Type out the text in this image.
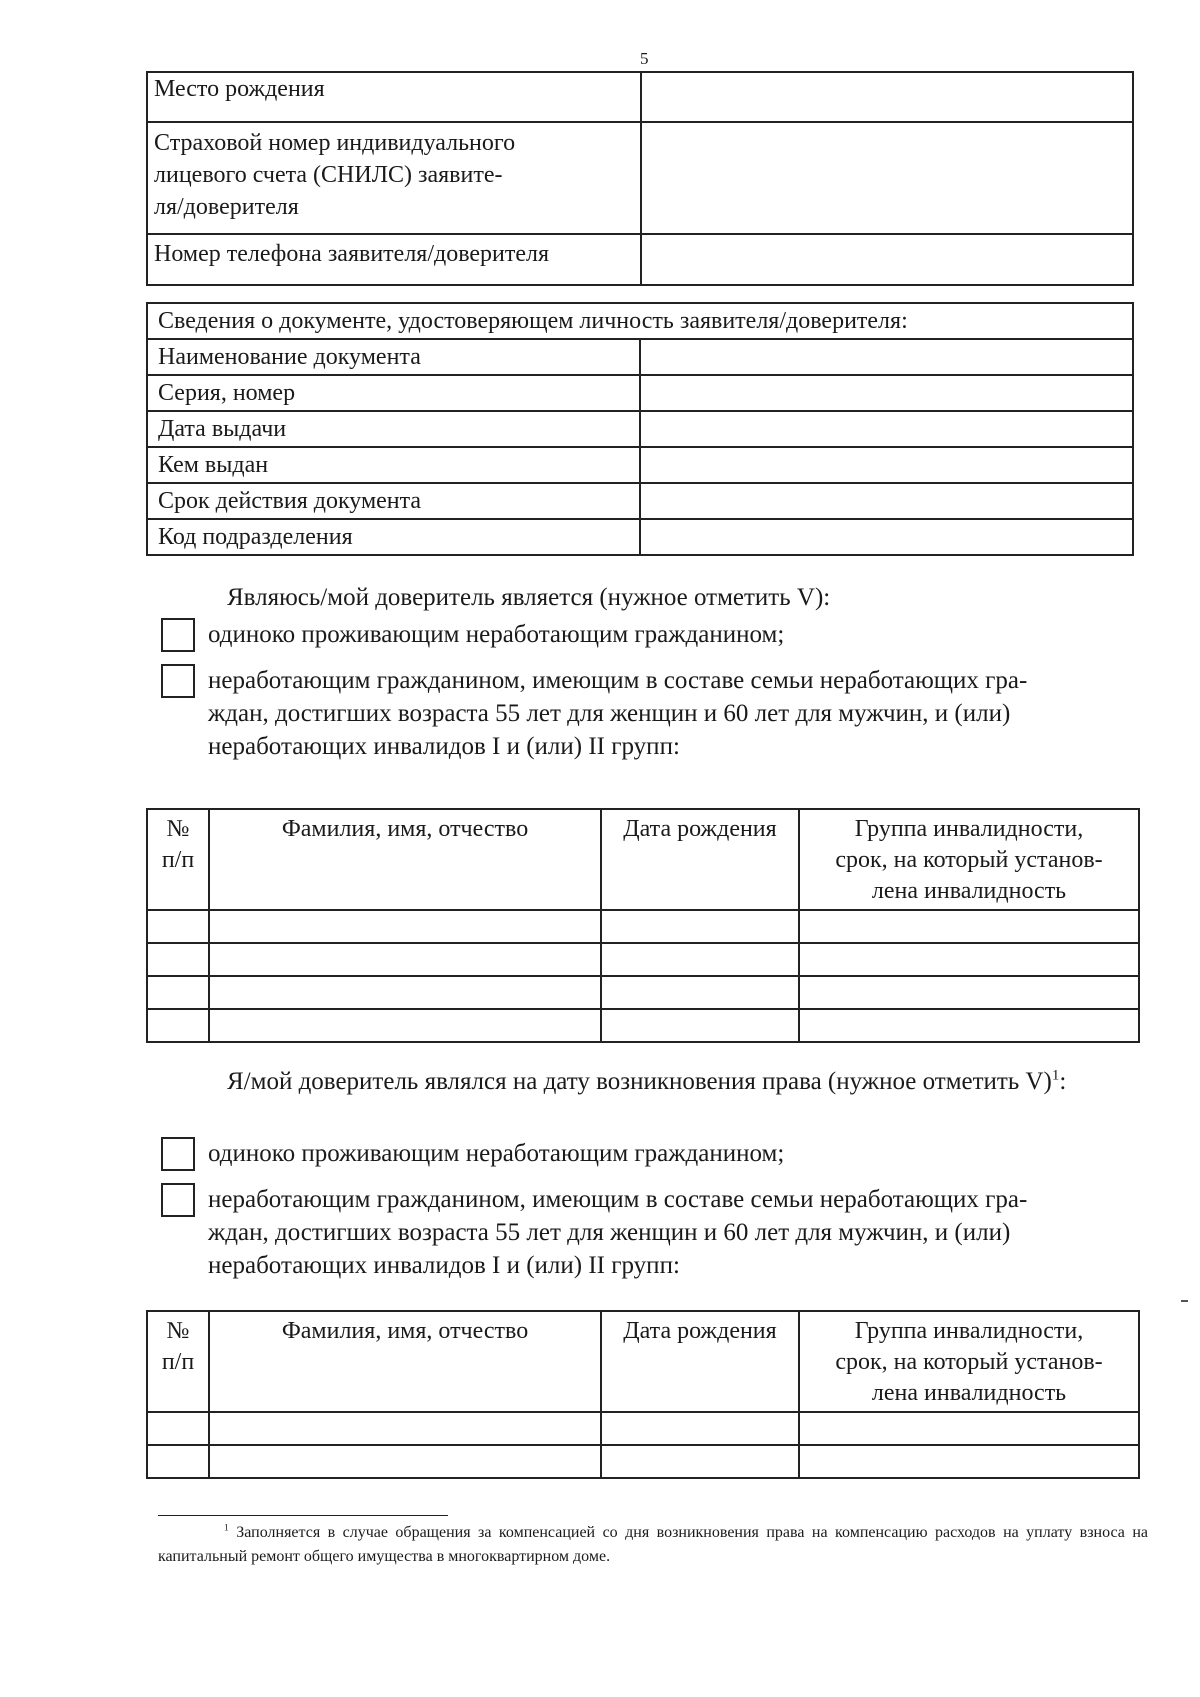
5
Место рождения	
Страховой номер индивидуального
лицевого счета (СНИЛС) заявите-
ля/доверителя	
Номер телефона заявителя/доверителя	
Сведения о документе, удостоверяющем личность заявителя/доверителя:	
Наименование документа	
Серия, номер	
Дата выдачи	
Кем выдан	
Срок действия документа	
Код подразделения	
Являюсь/мой доверитель является (нужное отметить V):
одиноко проживающим неработающим гражданином;
неработающим гражданином, имеющим в составе семьи неработающих гра-
ждан, достигших возраста 55 лет для женщин и 60 лет для мужчин, и (или)
неработающих инвалидов I и (или) II групп:
№
п/п	Фамилия, имя, отчество	Дата рождения	Группа инвалидности,
срок, на который установ-
лена инвалидность

Я/мой доверитель являлся на дату возникновения права (нужное отметить V)$^1$:
одиноко проживающим неработающим гражданином;
неработающим гражданином, имеющим в составе семьи неработающих гра-
ждан, достигших возраста 55 лет для женщин и 60 лет для мужчин, и (или)
неработающих инвалидов I и (или) II групп:
№
п/п	Фамилия, имя, отчество	Дата рождения	Группа инвалидности,
срок, на который установ-
лена инвалидность

$^1$ Заполняется в случае обращения за компенсацией со дня возникновения права на компенсацию расходов на уплату взноса на капитальный ремонт общего имущества в многоквартирном доме.
